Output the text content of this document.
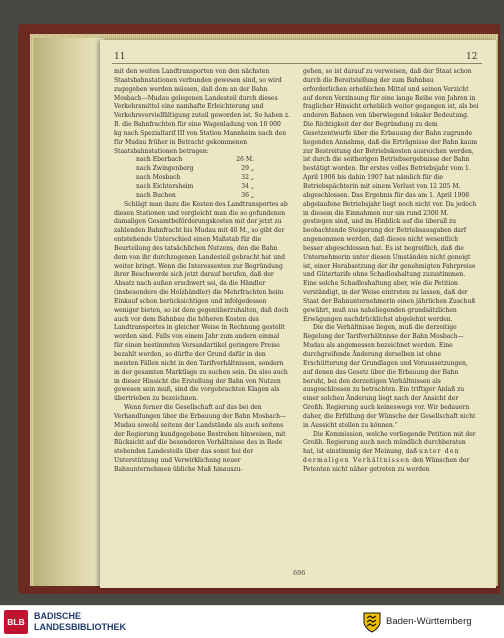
11	12

mit den weiten Landtransporten von den nächsten Staatsbahnstationen verbunden gewesen sind, so wird zugegeben werden müssen, daß dem an der Bahn Mosbach—Mudau gelegenen Landesteil durch dieses Verkehrsmittel eine namhafte Erleichterung und Verkehrsvervielfältigung zuteil geworden ist. So haben z. B. die Bahnfrachten für eine Wagenladung von 10 000 kg nach Spezialtarif III von Station Mannheim nach den für Mudau früher in Betracht gekommenen Staatsbahnstationen betragen:

nach Eberbach	26 M.
nach Zwingenberg	29 „
nach Mosbach	32 „
nach Eichtersheim	34 „
nach Buchen	36 „

Schlägt man dazu die Kosten des Landtransportes ab diesen Stationen und vergleicht man die so gefundenen damaligen Gesamtbeförderungskosten mit der jetzt zu zahlenden Bahnfracht bis Mudau mit 40 M., so gibt der entstehende Unterschied einen Maßstab für die Beurteilung des tatsächlichen Nutzens, den die Bahn dem von ihr durchzogenen Landesteil gebracht hat und weiter bringt. Wenn die Interessenten zur Begründung ihrer Beschwerde sich jetzt darauf berufen, daß der Absatz nach außen erschwert sei, da die Händler (insbesondere die Holzhändler) die Mehrfrachten beim Einkauf schon berücksichtigen und infolgedessen weniger bieten, so ist dem gegenüberzuhalten, daß doch auch vor dem Bahnbau die höheren Kosten des Landtransportes in gleicher Weise in Rechnung gestellt worden sind. Falls von einem Jahr zum andern einmal für einen bestimmten Versandartikel geringere Preise bezahlt werden, so dürfte der Grund dafür in den meisten Fällen nicht in den Tarifverhältnissen, sondern in der gesamten Marktlage zu suchen sein. Da also auch in dieser Hinsicht die Erstellung der Bahn von Nutzen gewesen sein muß, sind die vorgebrachten Klagen als übertrieben zu bezeichnen.

Wenn ferner die Gesellschaft auf das bei den Verhandlungen über die Erbauung der Bahn Mosbach—Mudau sowohl seitens der Landstände als auch seitens der Regierung kundgegebene Bestreben hinweisen, mit Rücksicht auf die besonderen Verhältnisse des in Rede stehenden Landesteils über das sonst bei der Unterstützung und Verwirklichung neuer Bahnunternehmen übliche Maß hinauszu-

gehen, so ist darauf zu verweisen, daß der Staat schon durch die Bereitstellung der zum Bahnbau erforderlichen erheblichen Mittel und seinen Verzicht auf deren Verzinsung für eine lange Reihe von Jahren in fraglicher Hinsicht erheblich weiter gegangen ist, als bei anderen Bahnen von überwiegend lokaler Bedeutung. Die Richtigkeit der der Begründung zu dem Gesetzentwurfe über die Erbauung der Bahn zugrunde liegenden Annahme, daß die Erträgnisse der Bahn kaum zur Bestreitung der Betriebskosten ausreichen werden, ist durch die seitherigen Betriebsergebnisse der Bahn bestätigt worden. Ihr erstes volles Betriebsjahr vom 1. April 1906 bis dahin 1907 hat nämlich für die Betriebspächterin mit einem Verlust von 12 205 M. abgeschlossen. Das Ergebnis für das am 1. April 1908 abgelaufene Betriebsjahr liegt noch nicht vor. Da jedoch in diesem die Einnahmen nur um rund 2300 M. gestiegen sind, und im Hinblick auf die überall zu beobachtende Steigerung der Betriebsausgaben darf angenommen werden, daß dieses nicht wesentlich besser abgeschlossen hat. Es ist begreiflich, daß die Unternehmerin unter diesen Umständen nicht geneigt ist, einer Herabsetzung der ihr genehmigten Fahrpreise und Gütertarife ohne Schadloshaltung zuzustimmen. Eine solche Schadloshaltung aber, wie die Petition verständigt, in der Weise eintreten zu lassen, daß der Staat der Bahnunternehmerin einen jährlichen Zuschuß gewährt, muß aus naheliegenden grundsätzlichen Erwägungen nachdrücklichst abgelehnt werden.

Die die Verhältnisse liegen, muß die derzeitige Regelung der Tarifverhältnisse der Bahn Mosbach—Mudau als angemessen bezeichnet werden. Eine durchgreifende Änderung derselben ist ohne Erschütterung der Grundlagen und Voraussetzungen, auf denen das Gesetz über die Erbauung der Bahn beruht, bei den derzeitigen Verhältnissen als ausgeschlossen zu betrachten. Ein triftiger Anlaß zu einer solchen Änderung liegt nach der Ansicht der Großh. Regierung auch keineswegs vor. Wir bedauern daher, die Erfüllung der Wünsche der Gesellschaft nicht in Aussicht stellen zu können.“

Die Kommission, welche vorliegende Petition mit der Großh. Regierung auch noch mündlich durchberaten hat, ist einstimmig der Meinung, daß unter den dermaligen Verhältnissen den Wünschen der Petenten nicht näher getreten zu werden

696
BLB
BADISCHE
LANDESBIBLIOTHEK	Baden-Württemberg
